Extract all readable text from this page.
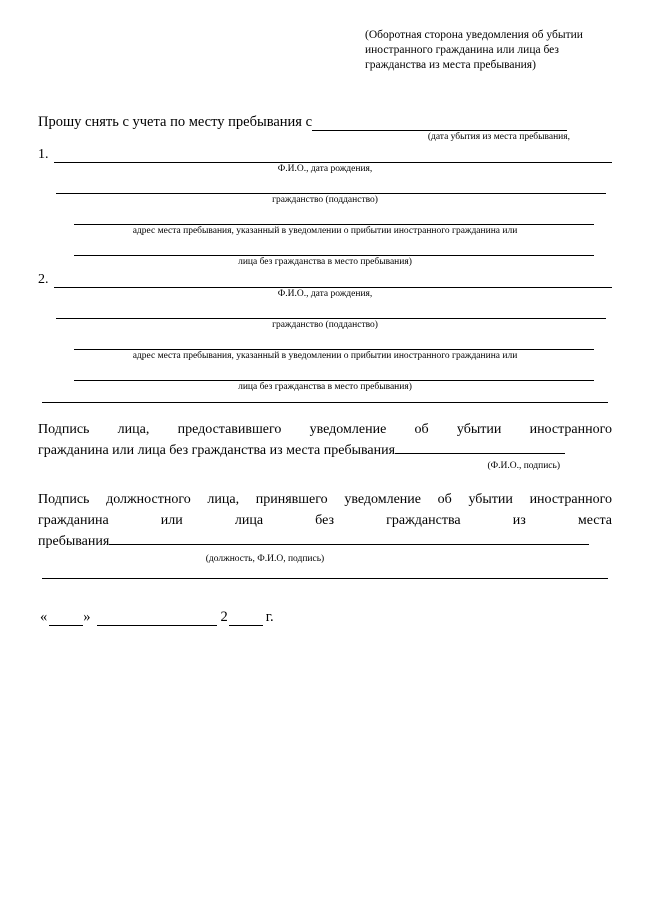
(Оборотная сторона уведомления об убытии иностранного гражданина или лица без гражданства из места пребывания)
Прошу снять с учета по месту пребывания с
(дата убытия из места пребывания,
1.
Ф.И.О., дата рождения,
гражданство (подданство)
адрес места пребывания, указанный в уведомлении о прибытии иностранного гражданина или
лица без гражданства в место пребывания)
2.
Ф.И.О., дата рождения,
гражданство (подданство)
адрес места пребывания, указанный в уведомлении о прибытии иностранного гражданина или
лица без гражданства в место пребывания)
Подпись лица, предоставившего уведомление об убытии иностранного
гражданина или лица без гражданства из места пребывания
(Ф.И.О., подпись)
Подпись должностного лица, принявшего уведомление об убытии иностранного
гражданина или лица без гражданства из места
пребывания
(должность, Ф.И.О, подпись)
« »	2	г.
